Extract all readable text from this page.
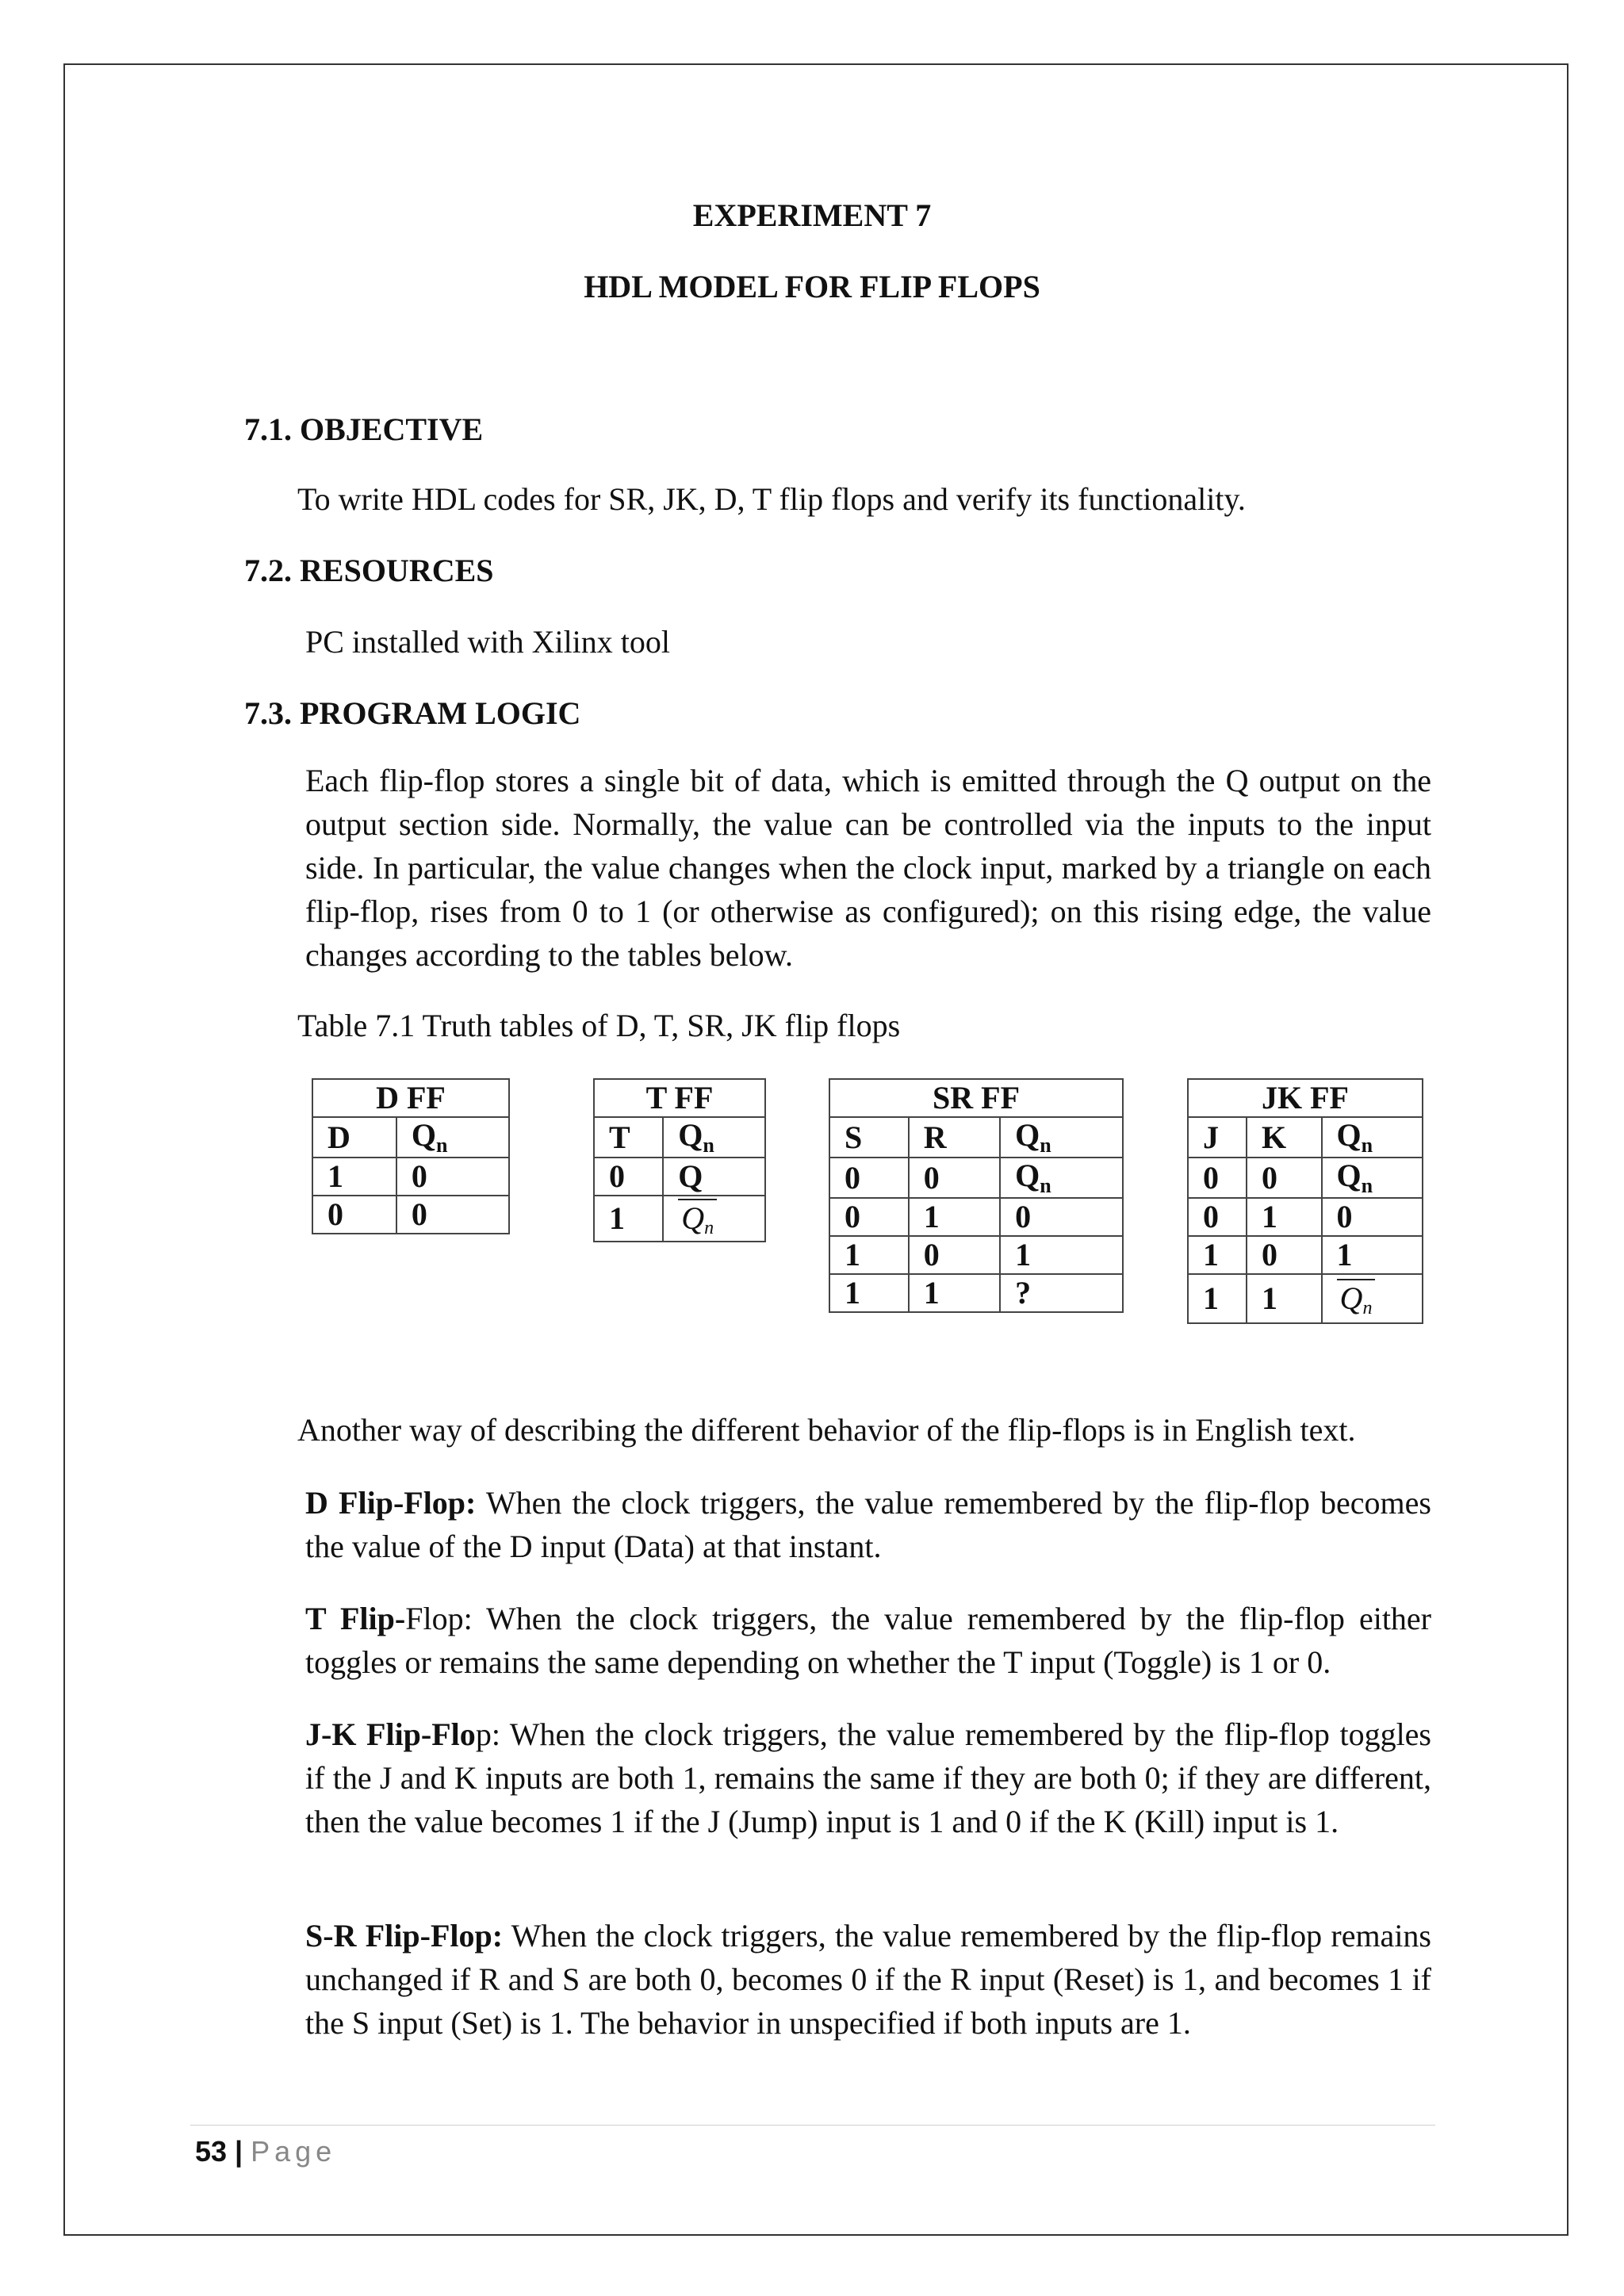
EXPERIMENT 7
HDL MODEL FOR FLIP FLOPS
7.1. OBJECTIVE
To write HDL codes for SR, JK, D, T flip flops and verify its functionality.
7.2. RESOURCES
PC installed with Xilinx tool
7.3. PROGRAM LOGIC

Each flip-flop stores a single bit of data, which is emitted through the Q output on the output section side. Normally, the value can be controlled via the inputs to the input side. In particular, the value changes when the clock input, marked by a triangle on each flip-flop, rises from 0 to 1 (or otherwise as configured); on this rising edge, the value changes according to the tables below.

Table 7.1 Truth tables of D, T, SR, JK flip flops
D FF	
D	$Q_n$
1	0
0	0
T FF	
T	$Q_n$
0	Q
1	Qn
SR FF		
S	R	$Q_n$
0	0	$Q_n$
0	1	0
1	0	1
1	1	?
JK FF		
J	K	$Q_n$
0	0	$Q_n$
0	1	0
1	0	1
1	1	Qn
Another way of describing the different behavior of the flip-flops is in English text.

D Flip-Flop: When the clock triggers, the value remembered by the flip-flop becomes the value of the D input (Data) at that instant.

T Flip-Flop: When the clock triggers, the value remembered by the flip-flop either toggles or remains the same depending on whether the T input (Toggle) is 1 or 0.

J-K Flip-Flop: When the clock triggers, the value remembered by the flip-flop toggles if the J and K inputs are both 1, remains the same if they are both 0; if they are different, then the value becomes 1 if the J (Jump) input is 1 and 0 if the K (Kill) input is 1.

S-R Flip-Flop: When the clock triggers, the value remembered by the flip-flop remains unchanged if R and S are both 0, becomes 0 if the R input (Reset) is 1, and becomes 1 if the S input (Set) is 1. The behavior in unspecified if both inputs are 1.

53 | Page
